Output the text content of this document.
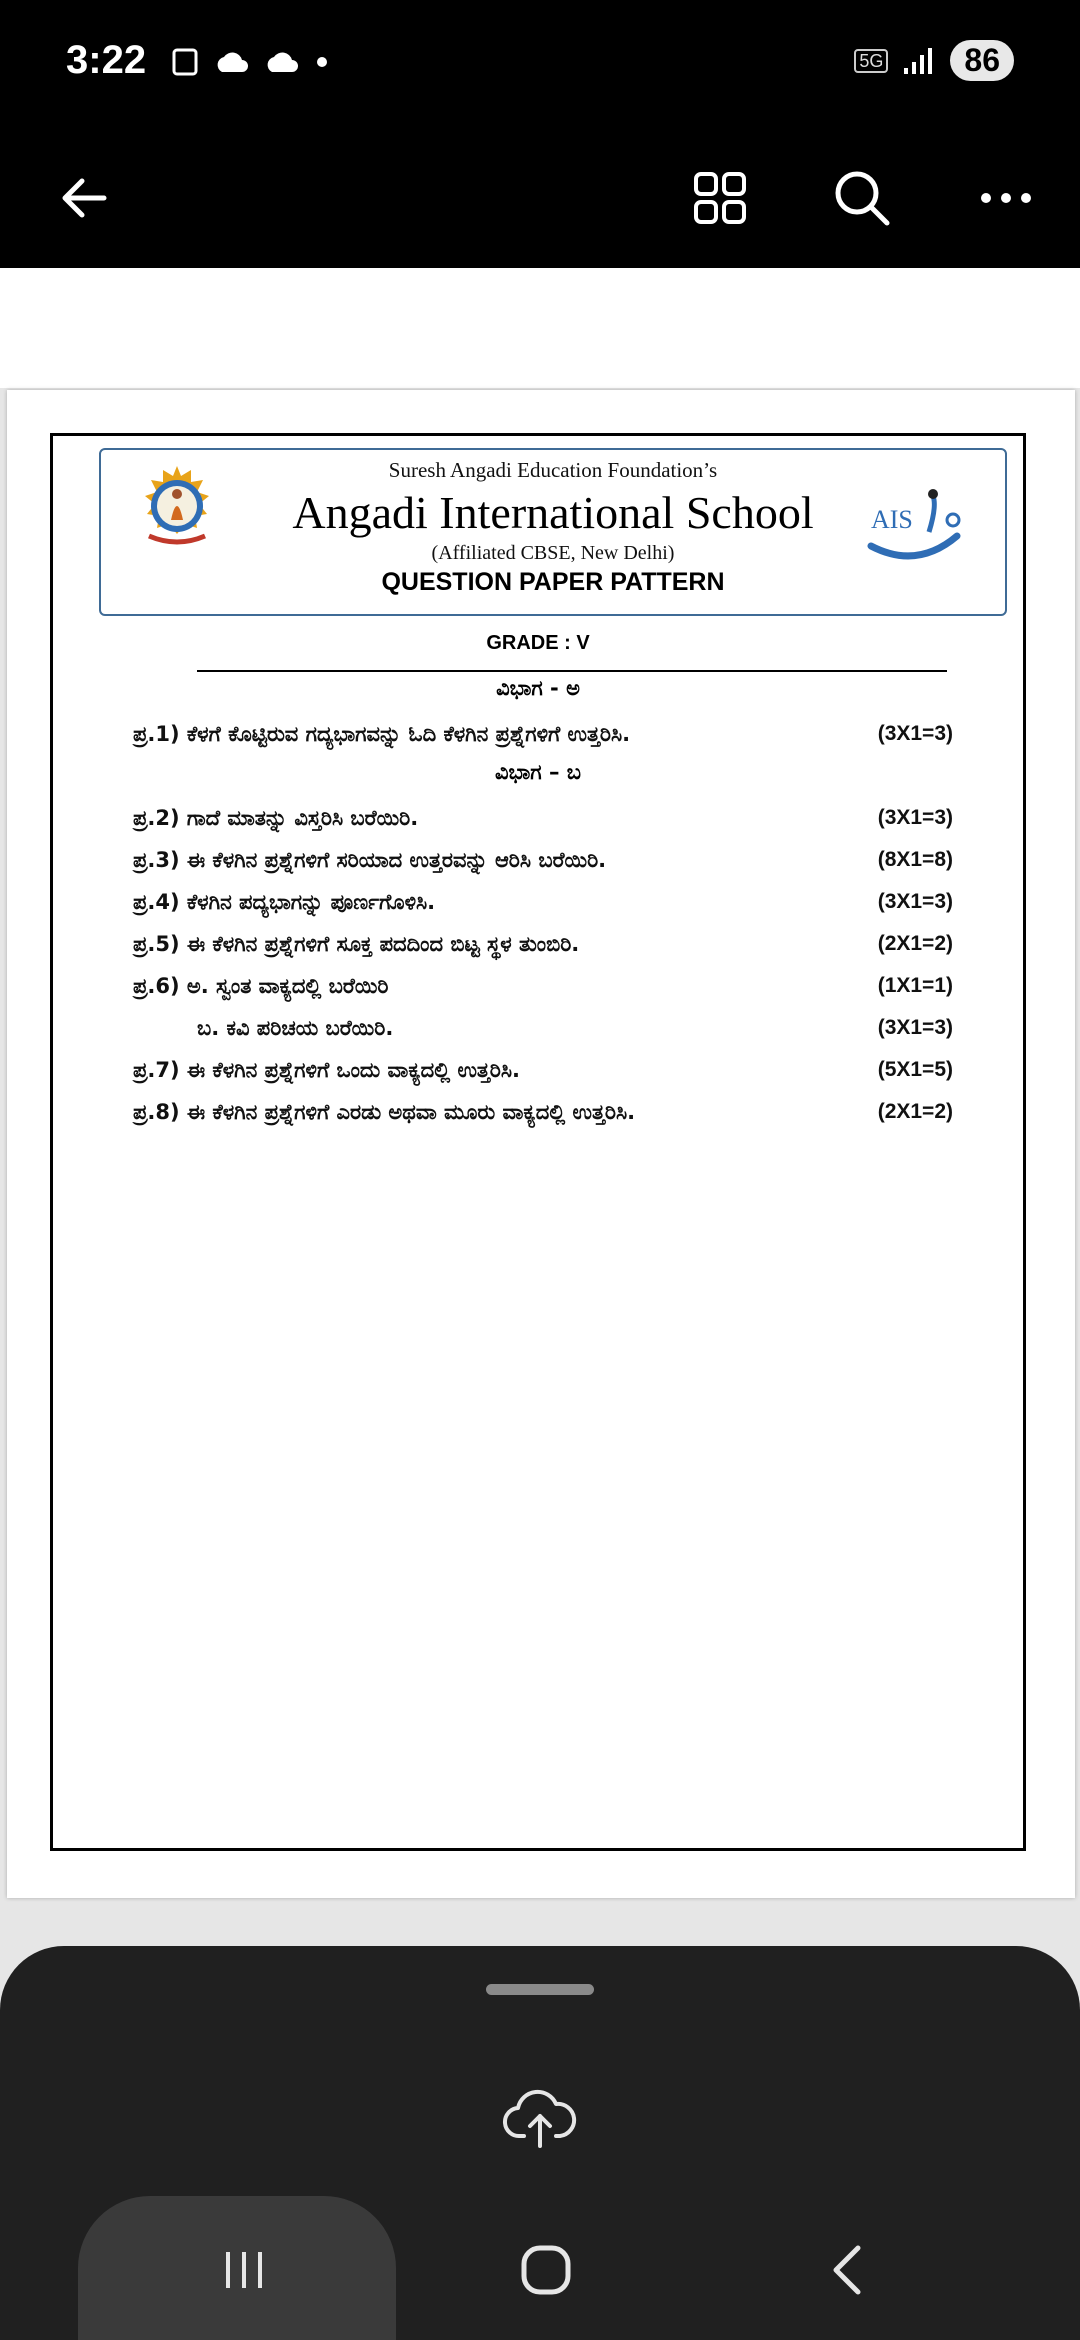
3:22	5G	86
Suresh Angadi Education Foundation’s
Angadi International School
(Affiliated CBSE, New Delhi)
QUESTION PAPER PATTERN
AIS
GRADE : V
ವಿಭಾಗ - ಅ
ಪ್ರ.1) ಕೆಳಗೆ ಕೊಟ್ಟಿರುವ ಗದ್ಯಭಾಗವನ್ನು ಓದಿ ಕೆಳಗಿನ ಪ್ರಶ್ನೆಗಳಿಗೆ ಉತ್ತರಿಸಿ.	(3X1=3)
ವಿಭಾಗ – ಬ
ಪ್ರ.2) ಗಾದೆ ಮಾತನ್ನು ವಿಸ್ತರಿಸಿ ಬರೆಯಿರಿ.	(3X1=3)
ಪ್ರ.3) ಈ ಕೆಳಗಿನ ಪ್ರಶ್ನೆಗಳಿಗೆ ಸರಿಯಾದ ಉತ್ತರವನ್ನು ಆರಿಸಿ ಬರೆಯಿರಿ.	(8X1=8)
ಪ್ರ.4) ಕೆಳಗಿನ ಪದ್ಯಭಾಗನ್ನು ಪೂರ್ಣಗೊಳಿಸಿ.	(3X1=3)
ಪ್ರ.5) ಈ ಕೆಳಗಿನ ಪ್ರಶ್ನೆಗಳಿಗೆ ಸೂಕ್ತ ಪದದಿಂದ ಬಿಟ್ಟ ಸ್ಥಳ ತುಂಬಿರಿ.	(2X1=2)
ಪ್ರ.6) ಅ. ಸ್ವಂತ ವಾಕ್ಯದಲ್ಲಿ ಬರೆಯಿರಿ	(1X1=1)
ಬ. ಕವಿ ಪರಿಚಯ ಬರೆಯಿರಿ.	(3X1=3)
ಪ್ರ.7) ಈ ಕೆಳಗಿನ ಪ್ರಶ್ನೆಗಳಿಗೆ ಒಂದು ವಾಕ್ಯದಲ್ಲಿ ಉತ್ತರಿಸಿ.	(5X1=5)
ಪ್ರ.8) ಈ ಕೆಳಗಿನ ಪ್ರಶ್ನೆಗಳಿಗೆ ಎರಡು ಅಥವಾ ಮೂರು ವಾಕ್ಯದಲ್ಲಿ ಉತ್ತರಿಸಿ.	(2X1=2)
